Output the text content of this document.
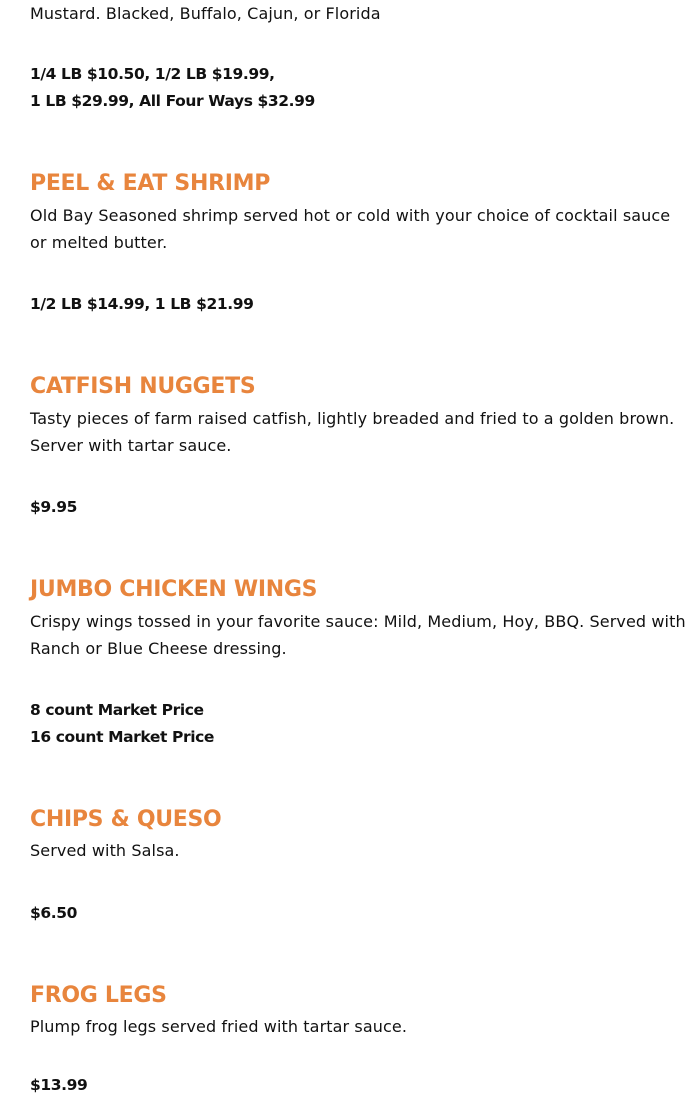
Mustard. Blacked, Buffalo, Cajun, or Florida
1/4 LB $10.50, 1/2 LB $19.99,
1 LB $29.99, All Four Ways $32.99
PEEL & EAT SHRIMP
Old Bay Seasoned shrimp served hot or cold with your choice of cocktail sauce
or melted butter.
1/2 LB $14.99, 1 LB $21.99
CATFISH NUGGETS
Tasty pieces of farm raised catfish, lightly breaded and fried to a golden brown.
Server with tartar sauce.
$9.95
JUMBO CHICKEN WINGS
Crispy wings tossed in your favorite sauce: Mild, Medium, Hoy, BBQ. Served with
Ranch or Blue Cheese dressing.
8 count Market Price
16 count Market Price
CHIPS & QUESO
Served with Salsa.
$6.50
FROG LEGS
Plump frog legs served fried with tartar sauce.
$13.99
